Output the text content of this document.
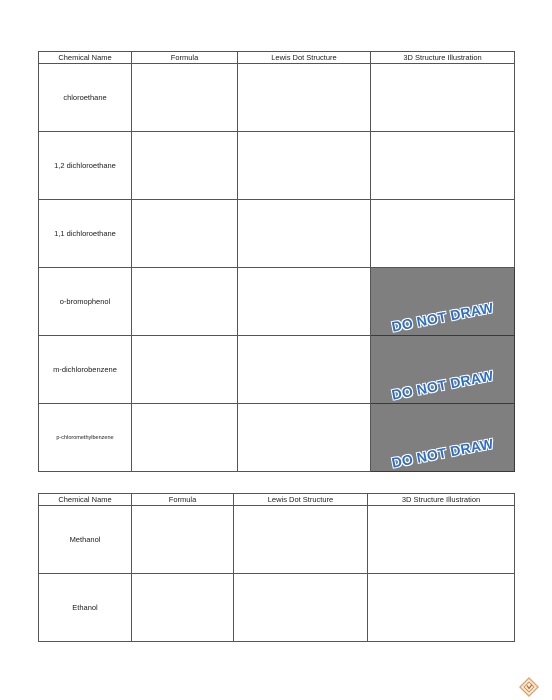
Chemical Name	Formula	Lewis Dot Structure	3D Structure Illustration
chloroethane			
1,2 dichloroethane			
1,1 dichloroethane			
o-bromophenol			DO NOT DRAW

m-dichlorobenzene			DO NOT DRAW

p-chloromethylbenzene			DO NOT DRAW
Chemical Name	Formula	Lewis Dot Structure	3D Structure Illustration
Methanol			
Ethanol			
